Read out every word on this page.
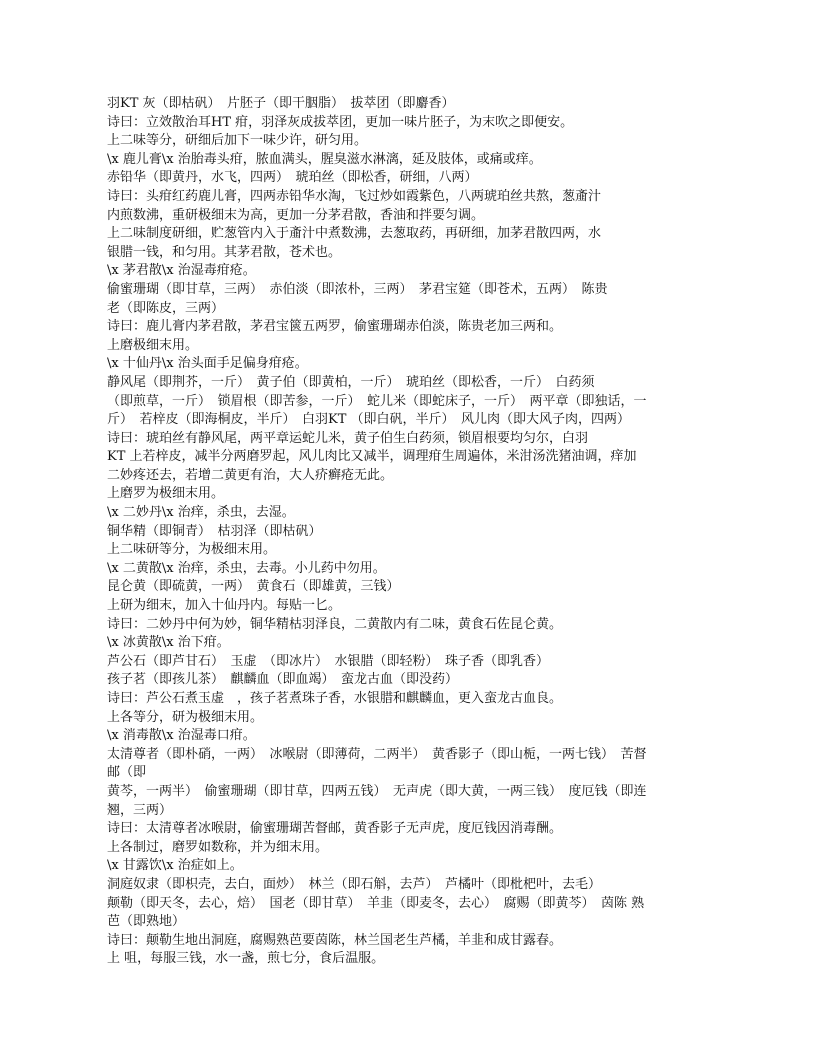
羽KT 灰（即枯矾）　片胚子（即干胭脂）　拔萃团（即麝香）
诗曰：立效散治耳HT 疳，羽泽灰成拔萃团，更加一味片胚子，为末吹之即便安。
上二味等分，研细后加下一味少许，研匀用。
\x 鹿儿膏\x 治胎毒头疳，脓血满头，腥臭滋水淋漓，延及肢体，或痛或痒。
赤铅华（即黄丹，水飞，四两）　琥珀丝（即松香，研细，八两）
诗曰：头疳红药鹿儿膏，四两赤铅华水淘，飞过炒如霞紫色，八两琥珀丝共熬，葱齑汁
内煎数沸，重研极细末为高，更加一分茅君散，香油和拌要匀调。
上二味制度研细，贮葱管内入于齑汁中煮数沸，去葱取药，再研细，加茅君散四两，水
银腊一钱，和匀用。其茅君散，苍术也。
\x 茅君散\x 治湿毒疳疮。
偷蜜珊瑚（即甘草，三两）　赤伯淡（即浓朴，三两）　茅君宝筵（即苍术，五两）　陈贵
老（即陈皮，三两）
诗曰：鹿儿膏内茅君散，茅君宝篋五两罗，偷蜜珊瑚赤伯淡，陈贵老加三两和。
上磨极细末用。
\x 十仙丹\x 治头面手足偏身疳疮。
静风尾（即荆芥，一斤）　黄子伯（即黄柏，一斤）　琥珀丝（即松香，一斤）　白药须
（即煎草，一斤）　锁眉根（即苦参，一斤）　蛇儿米（即蛇床子，一斤）　两平章（即独话，一
斤）　若梓皮（即海桐皮，半斤）　白羽KT （即白矾，半斤）　风儿肉（即大风子肉，四两）
诗曰：琥珀丝有静风尾，两平章运蛇儿米，黄子伯生白药须，锁眉根要均匀尔，白羽
KT 上若梓皮，减半分两磨罗起，风儿肉比又减半，调理疳生周遍体，米泔汤洗猪油调，痒加
二妙疼还去，若增二黄更有治，大人疥癣疮无此。
上磨罗为极细末用。
\x 二妙丹\x 治痒，杀虫，去湿。
铜华精（即铜青）　枯羽泽（即枯矾）
上二味研等分，为极细末用。
\x 二黄散\x 治痒，杀虫，去毒。小儿药中勿用。
昆仑黄（即硫黄，一两）　黄食石（即雄黄，三钱）
上研为细末，加入十仙丹内。每贴一匕。
诗曰：二妙丹中何为妙，铜华精枯羽泽良，二黄散内有二味，黄食石佐昆仑黄。
\x 冰黄散\x 治下疳。
芦公石（即芦甘石）　玉虚　（即冰片）　水银腊（即轻粉）　珠子香（即乳香）
孩子茗（即孩儿茶）　麒麟血（即血竭）　蛮龙古血（即没药）
诗曰：芦公石煮玉虚　，孩子茗煮珠子香，水银腊和麒麟血，更入蛮龙古血良。
上各等分，研为极细末用。
\x 消毒散\x 治湿毒口疳。
太清尊者（即朴硝，一两）　冰喉尉（即薄荷，二两半）　黄香影子（即山栀，一两七钱）　苦督
邮（即
黄芩，一两半）　偷蜜珊瑚（即甘草，四两五钱）　无声虎（即大黄，一两三钱）　度厄钱（即连
翘，三两）
诗曰：太清尊者冰喉尉，偷蜜珊瑚苦督邮，黄香影子无声虎，度厄钱因消毒酬。
上各制过，磨罗如数称，并为细末用。
\x 甘露饮\x 治症如上。
洞庭奴隶（即枳壳，去白，面炒）　林兰（即石斛，去芦）　芦橘叶（即枇杷叶，去毛）
颠勒（即天冬，去心，焙）　国老（即甘草）　羊韭（即麦冬，去心）　腐赐（即黄芩）　茵陈 熟
芭（即熟地）
诗曰：颠勒生地出洞庭，腐赐熟芭要茵陈，林兰国老生芦橘，羊韭和成甘露春。
上 咀，每服三钱，水一盏，煎七分，食后温服。
